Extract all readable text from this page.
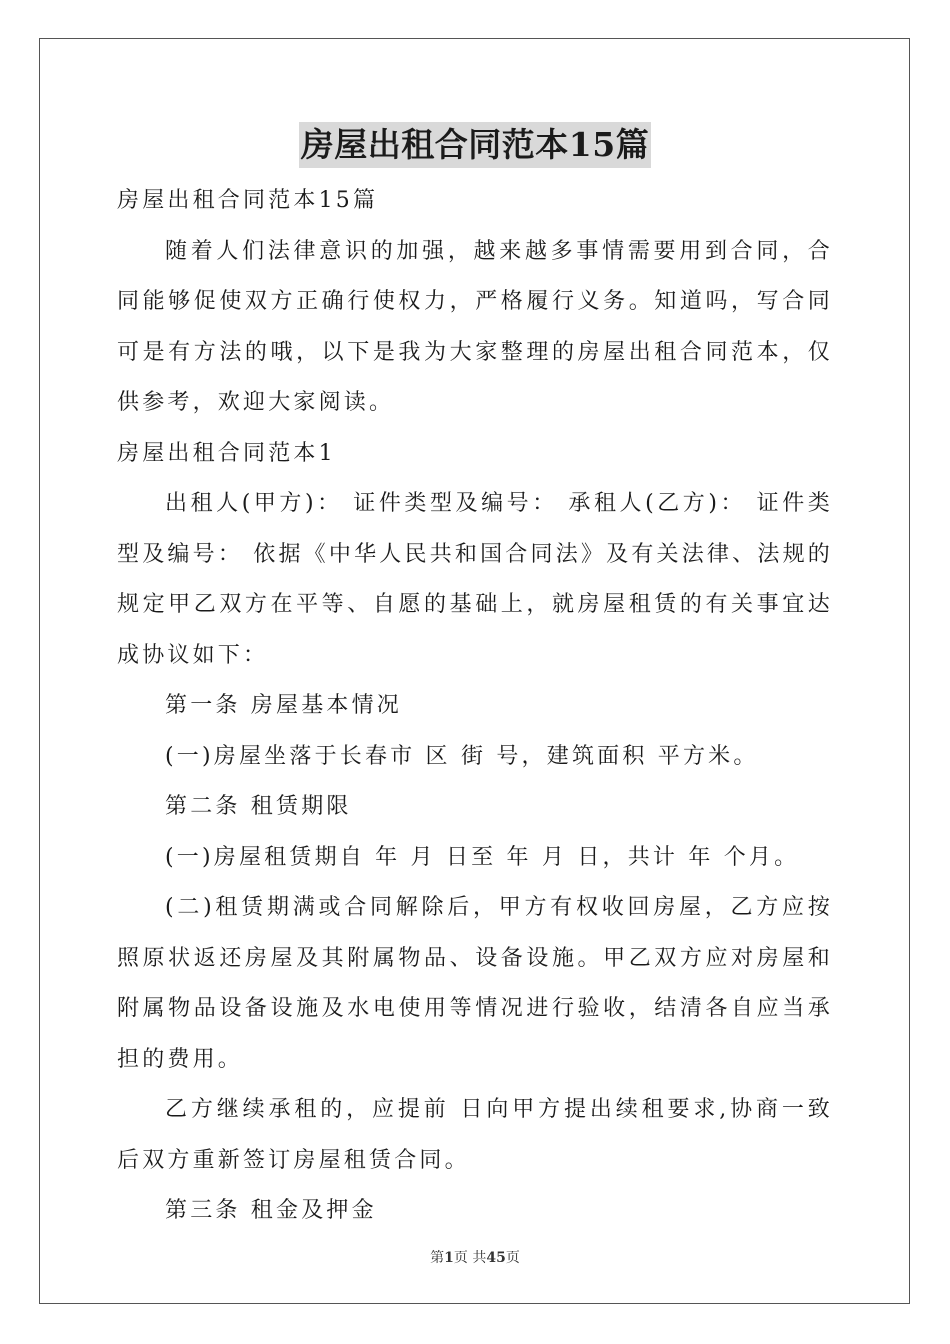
房屋出租合同范本15篇

房屋出租合同范本15篇

随着人们法律意识的加强，越来越多事情需要用到合同，合同能够促使双方正确行使权力，严格履行义务。知道吗，写合同可是有方法的哦，以下是我为大家整理的房屋出租合同范本，仅供参考，欢迎大家阅读。

房屋出租合同范本1

出租人(甲方)： 证件类型及编号： 承租人(乙方)： 证件类型及编号： 依据《中华人民共和国合同法》及有关法律、法规的规定甲乙双方在平等、自愿的基础上，就房屋租赁的有关事宜达成协议如下：

第一条 房屋基本情况

(一)房屋坐落于长春市 区 街 号，建筑面积 平方米。

第二条 租赁期限

(一)房屋租赁期自 年 月 日至 年 月 日，共计 年 个月。

(二)租赁期满或合同解除后，甲方有权收回房屋，乙方应按照原状返还房屋及其附属物品、设备设施。甲乙双方应对房屋和附属物品设备设施及水电使用等情况进行验收，结清各自应当承担的费用。

乙方继续承租的，应提前 日向甲方提出续租要求,协商一致后双方重新签订房屋租赁合同。

第三条 租金及押金

第1页 共45页
